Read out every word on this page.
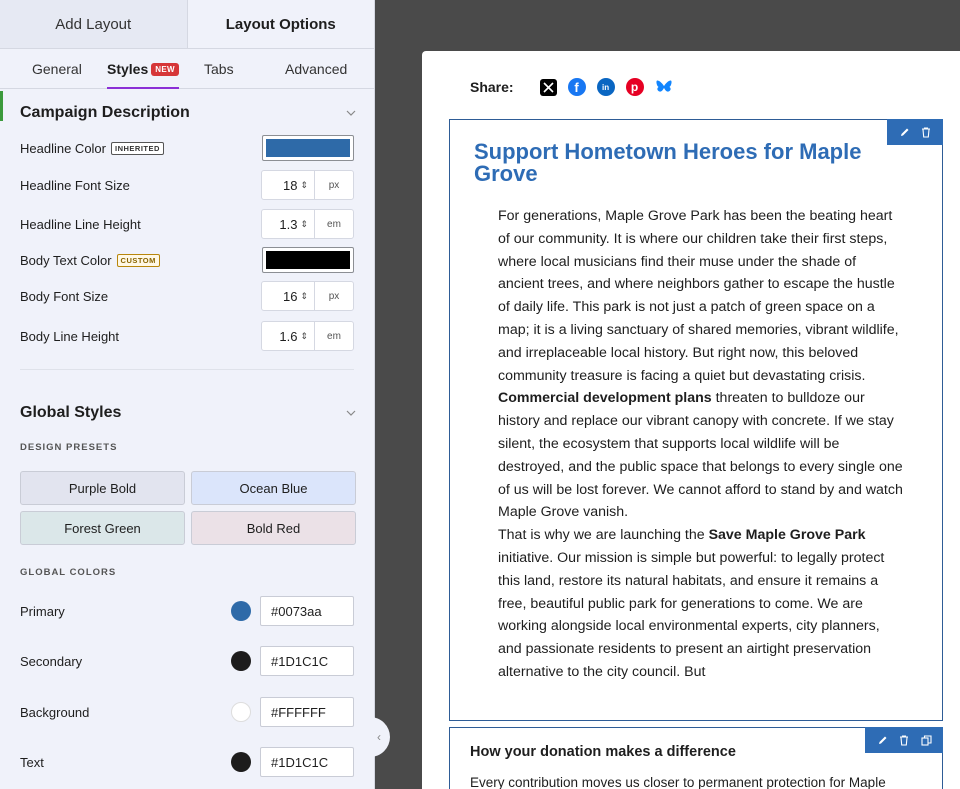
Add Layout	Layout Options
General Styles NEW Tabs	Advanced
Campaign Description
Headline Color	INHERITED
Headline Font Size	18 ⇕	px
Headline Line Height	1.3 ⇕	em
Body Text Color	CUSTOM
Body Font Size	16 ⇕	px
Body Line Height	1.6 ⇕	em
Global Styles
DESIGN PRESETS
Purple Bold	Ocean Blue
Forest Green	Bold Red
GLOBAL COLORS
Primary	#0073aa
Secondary	#1D1C1C
Background	#FFFFFF
Text	#1D1C1C
‹
Share:	f	in	p
Support Hometown Heroes for Maple Grove
For generations, Maple Grove Park has been the beating heart of our community. It is where our children take their first steps, where local musicians find their muse under the shade of ancient trees, and where neighbors gather to escape the hustle of daily life. This park is not just a patch of green space on a map; it is a living sanctuary of shared memories, vibrant wildlife, and irreplaceable local history. But right now, this beloved community treasure is facing a quiet but devastating crisis. Commercial development plans threaten to bulldoze our history and replace our vibrant canopy with concrete. If we stay silent, the ecosystem that supports local wildlife will be destroyed, and the public space that belongs to every single one of us will be lost forever. We cannot afford to stand by and watch Maple Grove vanish.
That is why we are launching the Save Maple Grove Park initiative. Our mission is simple but powerful: to legally protect this land, restore its natural habitats, and ensure it remains a free, beautiful public park for generations to come. We are working alongside local environmental experts, city planners, and passionate residents to present an airtight preservation alternative to the city council. But
How your donation makes a difference
Every contribution moves us closer to permanent protection for Maple
